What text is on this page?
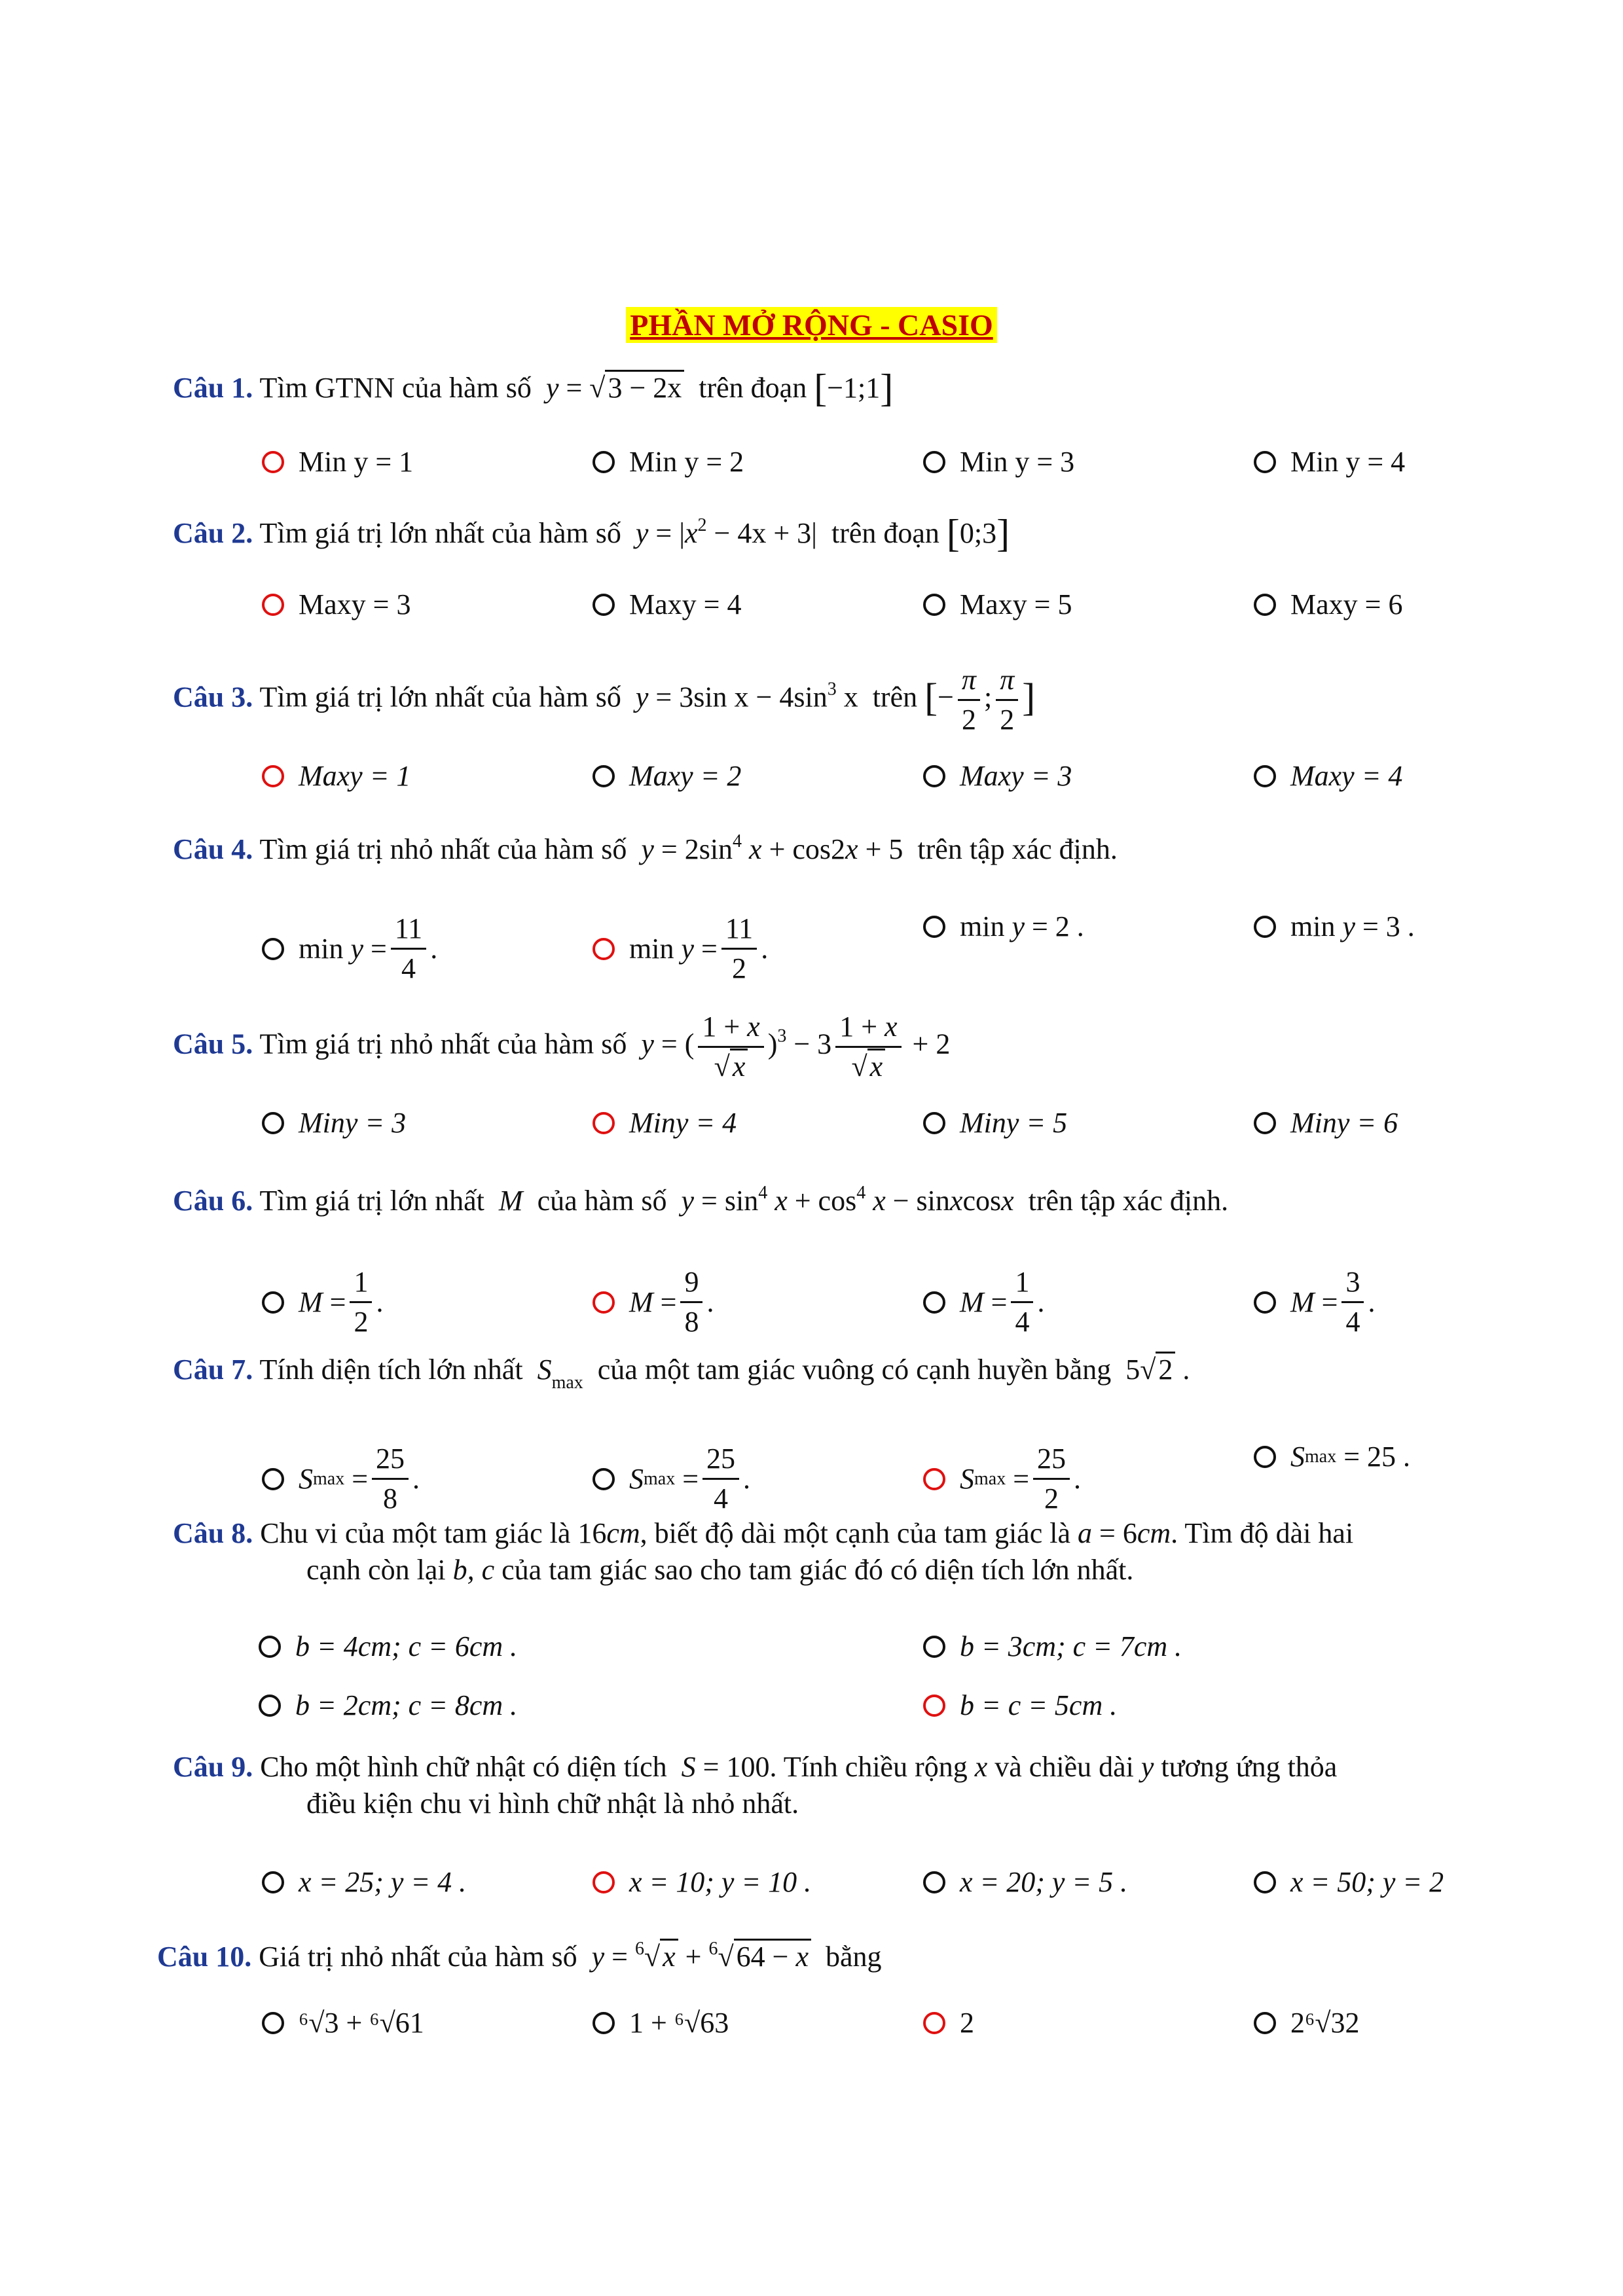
PHẦN MỞ RỘNG - CASIO
Câu 1. Tìm GTNN của hàm số y = √3 − 2x trên đoạn [−1;1]
Min y = 1	Min y = 2	Min y = 3	Min y = 4
Câu 2. Tìm giá trị lớn nhất của hàm số $y = |x^2 - 4x + 3|$  trên đoạn [0;3]
Maxy = 3	Maxy = 4	Maxy = 5	Maxy = 6
Câu 3. Tìm giá trị lớn nhất của hàm số y = 3sin $x - 4\sin^3$ x  trên [− $\frac{\pi}{2}$ ; $\frac{\pi}{2}$ ]
Maxy = 1	Maxy = 2	Maxy = 3	Maxy = 4
Câu 4. Tìm giá trị nhỏ nhất của hàm số $y = 2\sin^4$ x + cos2x + 5  trên tập xác định.
$\min y = \frac{11}{4}$ .	$\min y = \frac{11}{2}$ .
min y = 2 .	min y = 3 .
Câu 5. Tìm giá trị nhỏ nhất của hàm số y = ( $\frac{1 + x}{√x} )^3 - 3 \frac{1 + x}{√x} + 2$
Miny = 3	Miny = 4	Miny = 5	Miny = 6
Câu 6. Tìm giá trị lớn nhất M của hàm số $y = \sin^4 x + \cos^4 x$ − sinxcosx trên tập xác định.
$M = \frac{1}{2}$ .	$M = \frac{9}{8}$ .	$M = \frac{1}{4}$ .	$M = \frac{3}{4}$ .
Câu 7. Tính diện tích lớn nhất $S_{max}$ của một tam giác vuông có cạnh huyền bằng  5√2 .
S $\max = \frac{25}{8}$ .	S $\max = \frac{25}{4}$ .	S $\max = \frac{25}{2}$ .
S max = 25 .
Câu 8. Chu vi của một tam giác là 16cm, biết độ dài một cạnh của tam giác là a = 6cm. Tìm độ dài hai
cạnh còn lại b, c của tam giác sao cho tam giác đó có diện tích lớn nhất.
b = 4cm; c = 6cm .	b = 3cm; c = 7cm .
b = 2cm; c = 8cm .	b = c = 5cm .
Câu 9. Cho một hình chữ nhật có diện tích S = 100. Tính chiều rộng x và chiều dài y tương ứng thỏa
điều kiện chu vi hình chữ nhật là nhỏ nhất.
x = 25; y = 4 .	x = 10; y = 10 .	x = 20; y = 5 .	x = 50; y = 2
Câu 10. Giá trị nhỏ nhất của hàm số y = $^6$√x + $^6$√64 − x bằng
⁶√3 + ⁶√61	1 + ⁶√63	2	2⁶√32
